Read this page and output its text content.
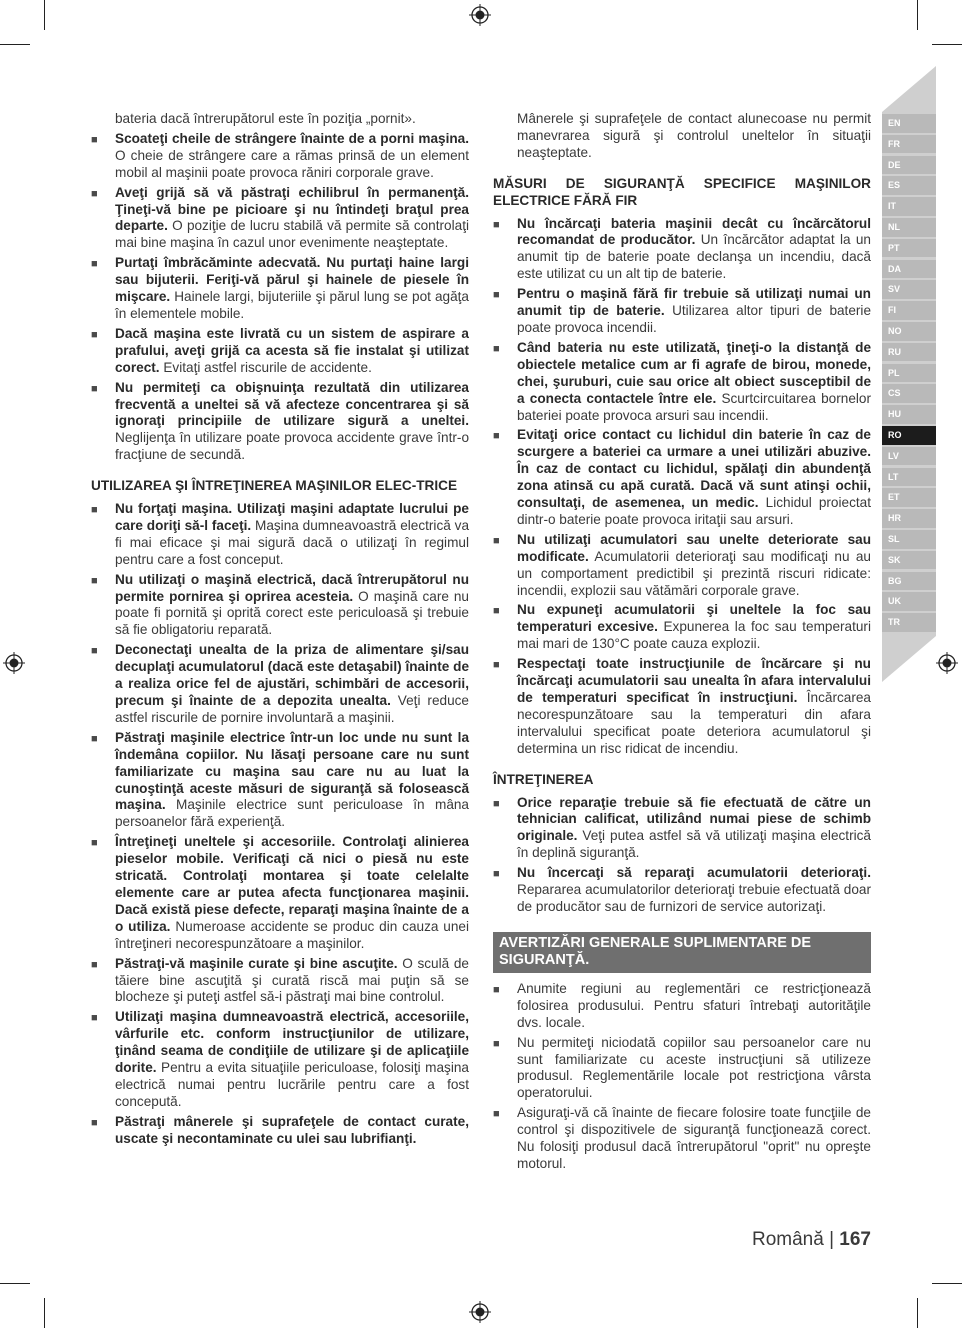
EN
FR
DE
ES
IT
NL
PT
DA
SV
FI
NO
RU
PL
CS
HU
RO
LV
LT
ET
HR
SL
SK
BG
UK
TR
bateria dacă întrerupătorul este în poziţia „pornit».
■ Scoateţi cheile de strângere înainte de a porni maşina. O cheie de strângere care a rămas prinsă de un element mobil al maşinii poate provoca răniri corporale grave.
■ Aveţi grijă să vă păstraţi echilibrul în permanenţă. Ţineţi-vă bine pe picioare şi nu întindeţi braţul prea departe. O poziţie de lucru stabilă vă permite să controlaţi mai bine maşina în cazul unor evenimente neaşteptate.
■ Purtaţi îmbrăcăminte adecvată. Nu purtaţi haine largi sau bijuterii. Feriţi-vă părul şi hainele de piesele în mişcare. Hainele largi, bijuteriile şi părul lung se pot agăţa în elementele mobile.
■ Dacă maşina este livrată cu un sistem de aspirare a prafului, aveţi grijă ca acesta să fie instalat şi utilizat corect. Evitaţi astfel riscurile de accidente.
■ Nu permiteţi ca obişnuinţa rezultată din utilizarea frecventă a uneltei să vă afecteze concentrarea şi să ignoraţi principiile de utilizare sigură a uneltei. Neglijenţa în utilizare poate provoca accidente grave într-o fracţiune de secundă.
UTILIZAREA ŞI ÎNTREŢINEREA MAŞINILOR ELEC-TRICE
■ Nu forţaţi maşina. Utilizaţi maşini adaptate lucrului pe care doriţi să-l faceţi. Maşina dumneavoastră electrică va fi mai eficace şi mai sigură dacă o utilizaţi în regimul pentru care a fost conceput.
■ Nu utilizaţi o maşină electrică, dacă întrerupătorul nu permite pornirea şi oprirea acesteia. O maşină care nu poate fi pornită şi oprită corect este periculoasă şi trebuie să fie obligatoriu reparată.
■ Deconectaţi unealta de la priza de alimentare şi/sau decuplaţi acumulatorul (dacă este detaşabil) înainte de a realiza orice fel de ajustări, schimbări de accesorii, precum şi înainte de a depozita unealta. Veţi reduce astfel riscurile de pornire involuntară a maşinii.
■ Păstraţi maşinile electrice într-un loc unde nu sunt la îndemâna copiilor. Nu lăsaţi persoane care nu sunt familiarizate cu maşina sau care nu au luat la cunoştinţă aceste măsuri de siguranţă să folosească maşina. Maşinile electrice sunt periculoase în mâna persoanelor fără experienţă.
■ Întreţineţi uneltele şi accesoriile. Controlaţi alinierea pieselor mobile. Verificaţi că nici o piesă nu este stricată. Controlaţi montarea şi toate celelalte elemente care ar putea afecta funcţionarea maşinii. Dacă există piese defecte, reparaţi maşina înainte de a o utiliza. Numeroase accidente se produc din cauza unei întreţineri necorespunzătoare a maşinilor.
■ Păstraţi-vă maşinile curate şi bine ascuţite. O sculă de tăiere bine ascuţită şi curată riscă mai puţin să se blocheze şi puteţi astfel să-i păstraţi mai bine controlul.
■ Utilizaţi maşina dumneavoastră electrică, accesoriile, vârfurile etc. conform instrucţiunilor de utilizare, ţinând seama de condiţiile de utilizare şi de aplicaţiile dorite. Pentru a evita situaţiile periculoase, folosiţi maşina electrică numai pentru lucrările pentru care a fost concepută.
■ Păstraţi mânerele şi suprafeţele de contact curate, uscate şi necontaminate cu ulei sau lubrifianţi.
Mânerele şi suprafeţele de contact alunecoase nu permit manevrarea sigură şi controlul uneltelor în situaţii neaşteptate.
MĂSURI DE SIGURANŢĂ SPECIFICE MAŞINILOR ELECTRICE FĂRĂ FIR
■ Nu încărcaţi bateria maşinii decât cu încărcătorul recomandat de producător. Un încărcător adaptat la un anumit tip de baterie poate declanşa un incendiu, dacă este utilizat cu un alt tip de baterie.
■ Pentru o maşină fără fir trebuie să utilizaţi numai un anumit tip de baterie. Utilizarea altor tipuri de baterie poate provoca incendii.
■ Când bateria nu este utilizată, ţineţi-o la distanţă de obiectele metalice cum ar fi agrafe de birou, monede, chei, şuruburi, cuie sau orice alt obiect susceptibil de a conecta contactele între ele. Scurtcircuitarea bornelor bateriei poate provoca arsuri sau incendii.
■ Evitaţi orice contact cu lichidul din baterie în caz de scurgere a bateriei ca urmare a unei utilizări abuzive. În caz de contact cu lichidul, spălaţi din abundenţă zona atinsă cu apă curată. Dacă vă sunt atinşi ochii, consultaţi, de asemenea, un medic. Lichidul proiectat dintr-o baterie poate provoca iritaţii sau arsuri.
■ Nu utilizaţi acumulatori sau unelte deteriorate sau modificate. Acumulatorii deterioraţi sau modificaţi nu au un comportament predictibil şi prezintă riscuri ridicate: incendii, explozii sau vătămări corporale grave.
■ Nu expuneţi acumulatorii şi uneltele la foc sau temperaturi excesive. Expunerea la foc sau temperaturi mai mari de 130°C poate cauza explozii.
■ Respectaţi toate instrucţiunile de încărcare şi nu încărcaţi acumulatorii sau unealta în afara intervalului de temperaturi specificat în instrucţiuni. Încărcarea necorespunzătoare sau la temperaturi din afara intervalului specificat poate deteriora acumulatorul şi determina un risc ridicat de incendiu.
ÎNTREŢINEREA
■ Orice reparaţie trebuie să fie efectuată de către un tehnician calificat, utilizând numai piese de schimb originale. Veţi putea astfel să vă utilizaţi maşina electrică în deplină siguranţă.
■ Nu încercaţi să reparaţi acumulatorii deterioraţi. Repararea acumulatorilor deterioraţi trebuie efectuată doar de producător sau de furnizori de service autorizaţi.
AVERTIZĂRI GENERALE SUPLIMENTARE DE SIGURANŢĂ.
■ Anumite regiuni au reglementări ce restricţionează folosirea produsului. Pentru sfaturi întrebaţi autorităţile dvs. locale.
■ Nu permiteţi niciodată copiilor sau persoanelor care nu sunt familiarizate cu aceste instrucţiuni să utilizeze produsul. Reglementările locale pot restricţiona vârsta operatorului.
■ Asiguraţi-vă că înainte de fiecare folosire toate funcţiile de control şi dispozitivele de siguranţă funcţionează corect. Nu folosiţi produsul dacă întrerupătorul "oprit" nu opreşte motorul.
Română | 167
